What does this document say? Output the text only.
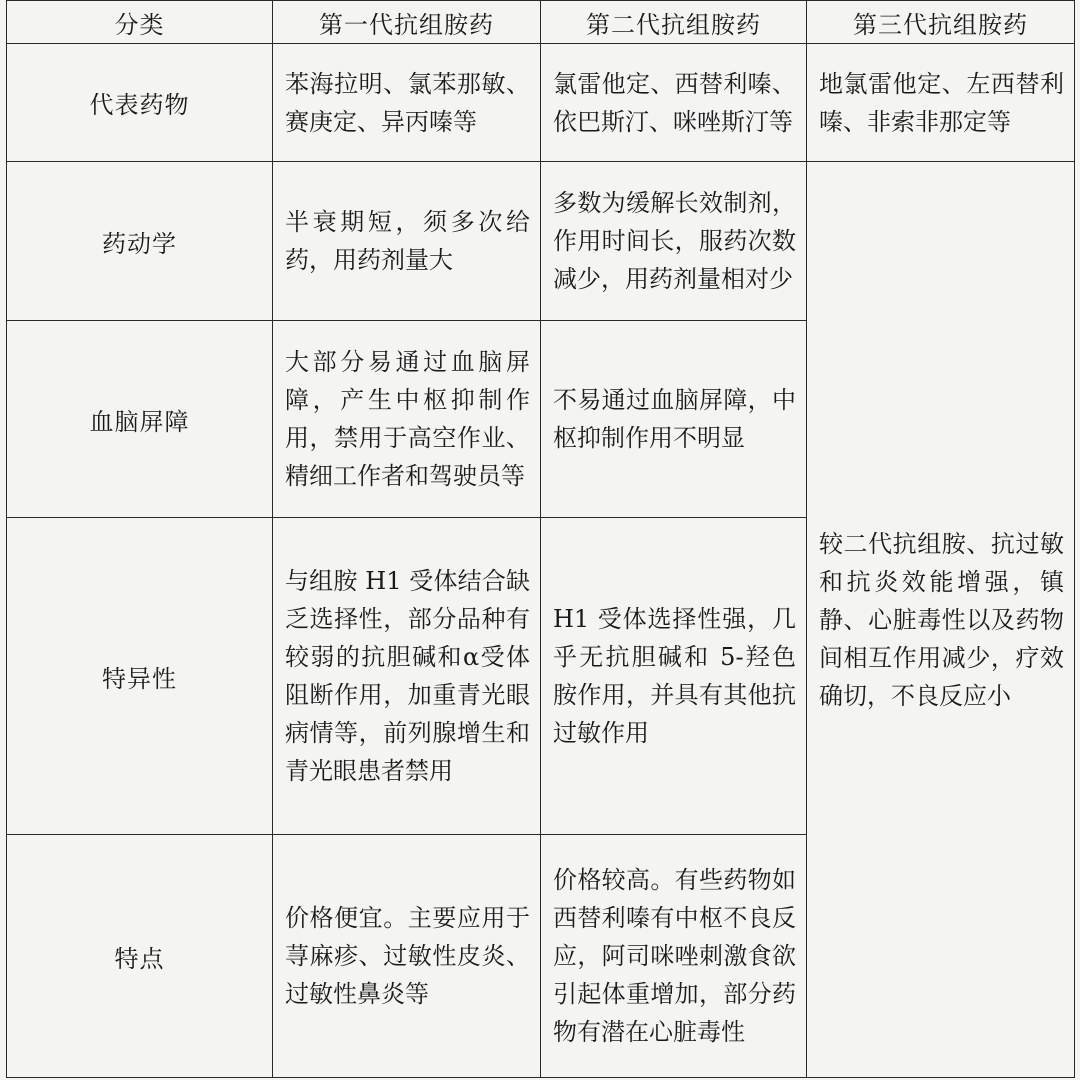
分类	第一代抗组胺药	第二代抗组胺药	第三代抗组胺药
代表药物	苯海拉明、氯苯那敏、赛庚定、异丙嗪等	氯雷他定、西替利嗪、依巴斯汀、咪唑斯汀等	地氯雷他定、左西替利嗪、非索非那定等
药动学	半衰期短，须多次给药，用药剂量大	多数为缓解长效制剂，作用时间长，服药次数减少，用药剂量相对少	较二代抗组胺、抗过敏和抗炎效能增强，镇静、心脏毒性以及药物间相互作用减少，疗效确切，不良反应小
血脑屏障	大部分易通过血脑屏障，产生中枢抑制作用，禁用于高空作业、精细工作者和驾驶员等	不易通过血脑屏障，中枢抑制作用不明显	
特异性	与组胺 H1 受体结合缺乏选择性，部分品种有较弱的抗胆碱和α受体阻断作用，加重青光眼病情等，前列腺增生和青光眼患者禁用	H1 受体选择性强，几乎无抗胆碱和 5-羟色胺作用，并具有其他抗过敏作用	
特点	价格便宜。主要应用于荨麻疹、过敏性皮炎、过敏性鼻炎等	价格较高。有些药物如西替利嗪有中枢不良反应，阿司咪唑刺激食欲引起体重增加，部分药物有潜在心脏毒性	
